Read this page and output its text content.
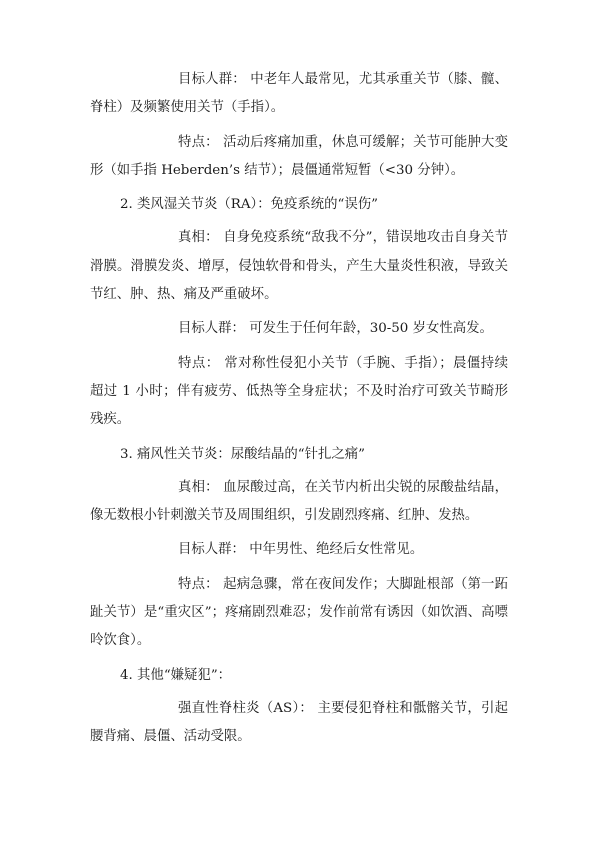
目标人群： 中老年人最常见，尤其承重关节（膝、髋、脊柱）及频繁使用关节（手指）。

特点： 活动后疼痛加重，休息可缓解；关节可能肿大变形（如手指 Heberden’s 结节）；晨僵通常短暂（<30 分钟）。

2. 类风湿关节炎（RA）：免疫系统的“误伤”

真相： 自身免疫系统“敌我不分”，错误地攻击自身关节滑膜。滑膜发炎、增厚，侵蚀软骨和骨头，产生大量炎性积液，导致关节红、肿、热、痛及严重破坏。

目标人群： 可发生于任何年龄，30-50 岁女性高发。

特点： 常对称性侵犯小关节（手腕、手指）；晨僵持续超过 1 小时；伴有疲劳、低热等全身症状；不及时治疗可致关节畸形残疾。

3. 痛风性关节炎：尿酸结晶的“针扎之痛”

真相： 血尿酸过高，在关节内析出尖锐的尿酸盐结晶，像无数根小针刺激关节及周围组织，引发剧烈疼痛、红肿、发热。

目标人群： 中年男性、绝经后女性常见。

特点： 起病急骤，常在夜间发作；大脚趾根部（第一跖趾关节）是“重灾区”；疼痛剧烈难忍；发作前常有诱因（如饮酒、高嘌呤饮食）。

4. 其他“嫌疑犯”：

强直性脊柱炎（AS）： 主要侵犯脊柱和骶髂关节，引起腰背痛、晨僵、活动受限。
